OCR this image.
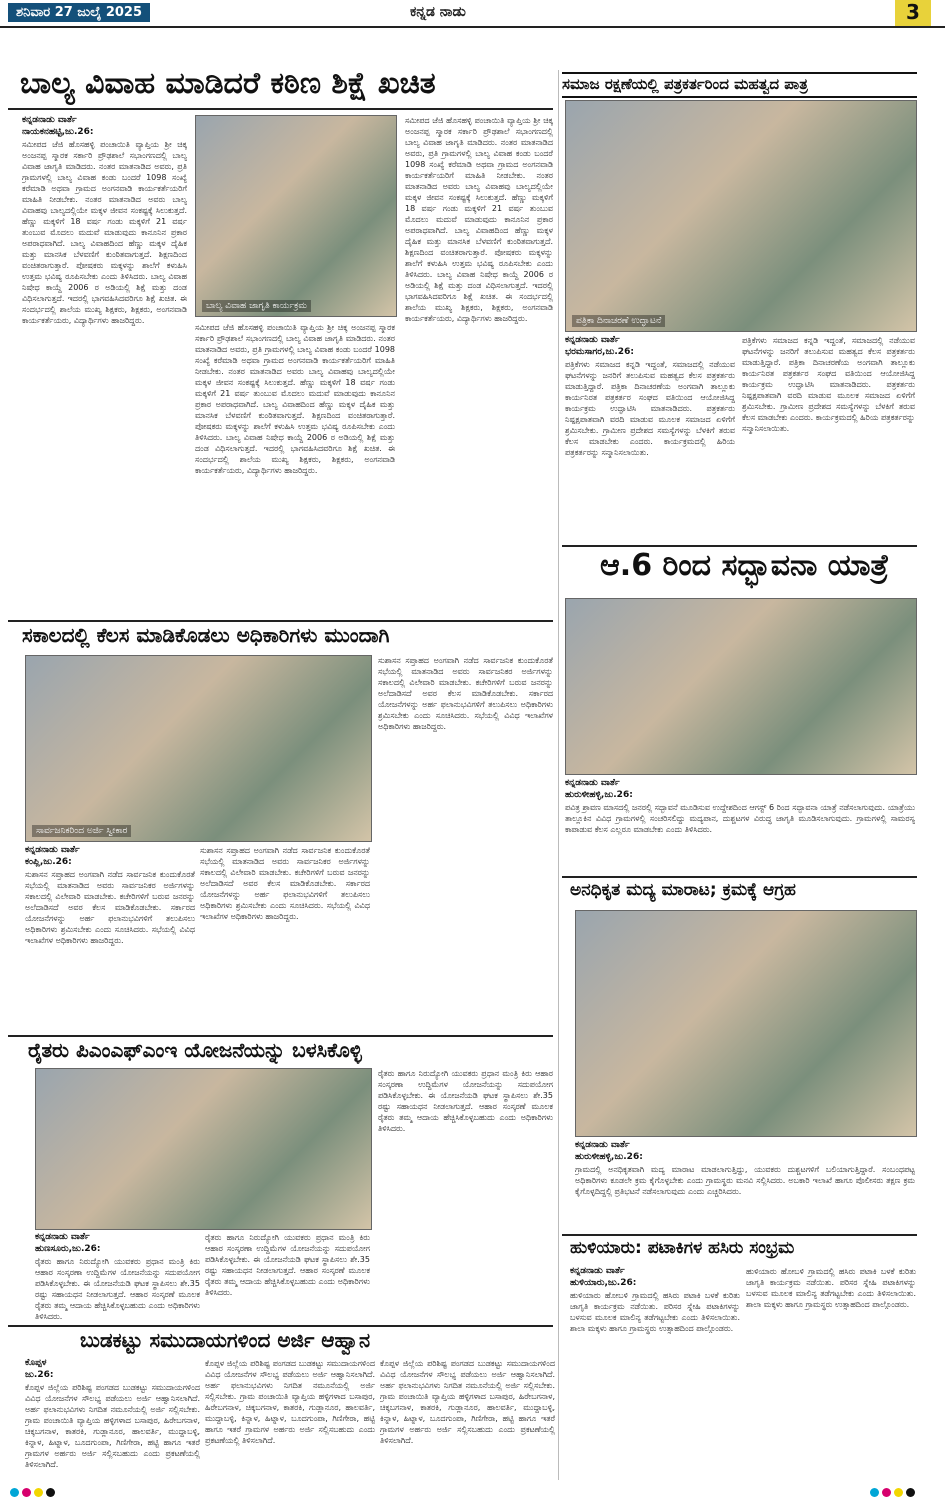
ಶನಿವಾರ 27 ಜುಲೈ 2025	ಕನ್ನಡ ನಾಡು	3
ಬಾಲ್ಯ ವಿವಾಹ ಮಾಡಿದರೆ ಕಠಿಣ ಶಿಕ್ಷೆ ಖಚಿತ
ಕನ್ನಡನಾಡು ವಾರ್ತೆ
ನಾಯಕನಹಟ್ಟಿ,ಜು.26:
ಸಮೀಪದ ಜೆಜಿ ಹೊಸಹಳ್ಳಿ ಪಂಚಾಯಿತಿ ವ್ಯಾಪ್ತಿಯ ಶ್ರೀ ಚಿಕ್ಕ ಅಂಜನಪ್ಪ ಸ್ಮಾರಕ ಸರ್ಕಾರಿ ಪ್ರೌಢಶಾಲೆ ಸಭಾಂಗಣದಲ್ಲಿ ಬಾಲ್ಯ ವಿವಾಹ ಜಾಗೃತಿ ಮಾಡಿದರು. ನಂತರ ಮಾತನಾಡಿದ ಅವರು, ಪ್ರತಿ ಗ್ರಾಮಗಳಲ್ಲಿ ಬಾಲ್ಯ ವಿವಾಹ ಕಂಡು ಬಂದರೆ 1098 ಸಂಖ್ಯೆ ಕರೆಮಾಡಿ ಅಥವಾ ಗ್ರಾಮದ ಅಂಗನವಾಡಿ ಕಾರ್ಯಕರ್ತೆಯರಿಗೆ ಮಾಹಿತಿ ನೀಡಬೇಕು. ನಂತರ ಮಾತನಾಡಿದ ಅವರು ಬಾಲ್ಯ ವಿವಾಹವು ಬಾಲ್ಯದಲ್ಲಿಯೇ ಮಕ್ಕಳ ಜೀವನ ಸಂಕಷ್ಟಕ್ಕೆ ಸಿಲುಕುತ್ತದೆ. ಹೆಣ್ಣು ಮಕ್ಕಳಿಗೆ 18 ವರ್ಷ ಗಂಡು ಮಕ್ಕಳಿಗೆ 21 ವರ್ಷ ತುಂಬುವ ಮೊದಲು ಮದುವೆ ಮಾಡುವುದು ಕಾನೂನಿನ ಪ್ರಕಾರ ಅಪರಾಧವಾಗಿದೆ. ಬಾಲ್ಯ ವಿವಾಹದಿಂದ ಹೆಣ್ಣು ಮಕ್ಕಳ ದೈಹಿಕ ಮತ್ತು ಮಾನಸಿಕ ಬೆಳವಣಿಗೆ ಕುಂಠಿತವಾಗುತ್ತದೆ. ಶಿಕ್ಷಣದಿಂದ ವಂಚಿತರಾಗುತ್ತಾರೆ. ಪೋಷಕರು ಮಕ್ಕಳನ್ನು ಶಾಲೆಗೆ ಕಳುಹಿಸಿ ಉತ್ತಮ ಭವಿಷ್ಯ ರೂಪಿಸಬೇಕು ಎಂದು ತಿಳಿಸಿದರು. ಬಾಲ್ಯ ವಿವಾಹ ನಿಷೇಧ ಕಾಯ್ದೆ 2006 ರ ಅಡಿಯಲ್ಲಿ ಶಿಕ್ಷೆ ಮತ್ತು ದಂಡ ವಿಧಿಸಲಾಗುತ್ತದೆ. ಇದರಲ್ಲಿ ಭಾಗವಹಿಸಿದವರಿಗೂ ಶಿಕ್ಷೆ ಖಚಿತ. ಈ ಸಂದರ್ಭದಲ್ಲಿ ಶಾಲೆಯ ಮುಖ್ಯ ಶಿಕ್ಷಕರು, ಶಿಕ್ಷಕರು, ಅಂಗನವಾಡಿ ಕಾರ್ಯಕರ್ತೆಯರು, ವಿದ್ಯಾರ್ಥಿಗಳು ಹಾಜರಿದ್ದರು.
ಬಾಲ್ಯ ವಿವಾಹ ಜಾಗೃತಿ ಕಾರ್ಯಕ್ರಮ
ಸಮೀಪದ ಜೆಜಿ ಹೊಸಹಳ್ಳಿ ಪಂಚಾಯಿತಿ ವ್ಯಾಪ್ತಿಯ ಶ್ರೀ ಚಿಕ್ಕ ಅಂಜನಪ್ಪ ಸ್ಮಾರಕ ಸರ್ಕಾರಿ ಪ್ರೌಢಶಾಲೆ ಸಭಾಂಗಣದಲ್ಲಿ ಬಾಲ್ಯ ವಿವಾಹ ಜಾಗೃತಿ ಮಾಡಿದರು. ನಂತರ ಮಾತನಾಡಿದ ಅವರು, ಪ್ರತಿ ಗ್ರಾಮಗಳಲ್ಲಿ ಬಾಲ್ಯ ವಿವಾಹ ಕಂಡು ಬಂದರೆ 1098 ಸಂಖ್ಯೆ ಕರೆಮಾಡಿ ಅಥವಾ ಗ್ರಾಮದ ಅಂಗನವಾಡಿ ಕಾರ್ಯಕರ್ತೆಯರಿಗೆ ಮಾಹಿತಿ ನೀಡಬೇಕು. ನಂತರ ಮಾತನಾಡಿದ ಅವರು ಬಾಲ್ಯ ವಿವಾಹವು ಬಾಲ್ಯದಲ್ಲಿಯೇ ಮಕ್ಕಳ ಜೀವನ ಸಂಕಷ್ಟಕ್ಕೆ ಸಿಲುಕುತ್ತದೆ. ಹೆಣ್ಣು ಮಕ್ಕಳಿಗೆ 18 ವರ್ಷ ಗಂಡು ಮಕ್ಕಳಿಗೆ 21 ವರ್ಷ ತುಂಬುವ ಮೊದಲು ಮದುವೆ ಮಾಡುವುದು ಕಾನೂನಿನ ಪ್ರಕಾರ ಅಪರಾಧವಾಗಿದೆ. ಬಾಲ್ಯ ವಿವಾಹದಿಂದ ಹೆಣ್ಣು ಮಕ್ಕಳ ದೈಹಿಕ ಮತ್ತು ಮಾನಸಿಕ ಬೆಳವಣಿಗೆ ಕುಂಠಿತವಾಗುತ್ತದೆ. ಶಿಕ್ಷಣದಿಂದ ವಂಚಿತರಾಗುತ್ತಾರೆ. ಪೋಷಕರು ಮಕ್ಕಳನ್ನು ಶಾಲೆಗೆ ಕಳುಹಿಸಿ ಉತ್ತಮ ಭವಿಷ್ಯ ರೂಪಿಸಬೇಕು ಎಂದು ತಿಳಿಸಿದರು. ಬಾಲ್ಯ ವಿವಾಹ ನಿಷೇಧ ಕಾಯ್ದೆ 2006 ರ ಅಡಿಯಲ್ಲಿ ಶಿಕ್ಷೆ ಮತ್ತು ದಂಡ ವಿಧಿಸಲಾಗುತ್ತದೆ. ಇದರಲ್ಲಿ ಭಾಗವಹಿಸಿದವರಿಗೂ ಶಿಕ್ಷೆ ಖಚಿತ. ಈ ಸಂದರ್ಭದಲ್ಲಿ ಶಾಲೆಯ ಮುಖ್ಯ ಶಿಕ್ಷಕರು, ಶಿಕ್ಷಕರು, ಅಂಗನವಾಡಿ ಕಾರ್ಯಕರ್ತೆಯರು, ವಿದ್ಯಾರ್ಥಿಗಳು ಹಾಜರಿದ್ದರು.
ಸಮೀಪದ ಜೆಜಿ ಹೊಸಹಳ್ಳಿ ಪಂಚಾಯಿತಿ ವ್ಯಾಪ್ತಿಯ ಶ್ರೀ ಚಿಕ್ಕ ಅಂಜನಪ್ಪ ಸ್ಮಾರಕ ಸರ್ಕಾರಿ ಪ್ರೌಢಶಾಲೆ ಸಭಾಂಗಣದಲ್ಲಿ ಬಾಲ್ಯ ವಿವಾಹ ಜಾಗೃತಿ ಮಾಡಿದರು. ನಂತರ ಮಾತನಾಡಿದ ಅವರು, ಪ್ರತಿ ಗ್ರಾಮಗಳಲ್ಲಿ ಬಾಲ್ಯ ವಿವಾಹ ಕಂಡು ಬಂದರೆ 1098 ಸಂಖ್ಯೆ ಕರೆಮಾಡಿ ಅಥವಾ ಗ್ರಾಮದ ಅಂಗನವಾಡಿ ಕಾರ್ಯಕರ್ತೆಯರಿಗೆ ಮಾಹಿತಿ ನೀಡಬೇಕು. ನಂತರ ಮಾತನಾಡಿದ ಅವರು ಬಾಲ್ಯ ವಿವಾಹವು ಬಾಲ್ಯದಲ್ಲಿಯೇ ಮಕ್ಕಳ ಜೀವನ ಸಂಕಷ್ಟಕ್ಕೆ ಸಿಲುಕುತ್ತದೆ. ಹೆಣ್ಣು ಮಕ್ಕಳಿಗೆ 18 ವರ್ಷ ಗಂಡು ಮಕ್ಕಳಿಗೆ 21 ವರ್ಷ ತುಂಬುವ ಮೊದಲು ಮದುವೆ ಮಾಡುವುದು ಕಾನೂನಿನ ಪ್ರಕಾರ ಅಪರಾಧವಾಗಿದೆ. ಬಾಲ್ಯ ವಿವಾಹದಿಂದ ಹೆಣ್ಣು ಮಕ್ಕಳ ದೈಹಿಕ ಮತ್ತು ಮಾನಸಿಕ ಬೆಳವಣಿಗೆ ಕುಂಠಿತವಾಗುತ್ತದೆ. ಶಿಕ್ಷಣದಿಂದ ವಂಚಿತರಾಗುತ್ತಾರೆ. ಪೋಷಕರು ಮಕ್ಕಳನ್ನು ಶಾಲೆಗೆ ಕಳುಹಿಸಿ ಉತ್ತಮ ಭವಿಷ್ಯ ರೂಪಿಸಬೇಕು ಎಂದು ತಿಳಿಸಿದರು. ಬಾಲ್ಯ ವಿವಾಹ ನಿಷೇಧ ಕಾಯ್ದೆ 2006 ರ ಅಡಿಯಲ್ಲಿ ಶಿಕ್ಷೆ ಮತ್ತು ದಂಡ ವಿಧಿಸಲಾಗುತ್ತದೆ. ಇದರಲ್ಲಿ ಭಾಗವಹಿಸಿದವರಿಗೂ ಶಿಕ್ಷೆ ಖಚಿತ. ಈ ಸಂದರ್ಭದಲ್ಲಿ ಶಾಲೆಯ ಮುಖ್ಯ ಶಿಕ್ಷಕರು, ಶಿಕ್ಷಕರು, ಅಂಗನವಾಡಿ ಕಾರ್ಯಕರ್ತೆಯರು, ವಿದ್ಯಾರ್ಥಿಗಳು ಹಾಜರಿದ್ದರು.
ಸಮಾಜ ರಕ್ಷಣೆಯಲ್ಲಿ ಪತ್ರಕರ್ತರಿಂದ ಮಹತ್ವದ ಪಾತ್ರ
ಪತ್ರಿಕಾ ದಿನಾಚರಣೆ ಉದ್ಘಾಟನೆ
ಕನ್ನಡನಾಡು ವಾರ್ತೆ
ಭರಮಸಾಗರ,ಜು.26:
ಪತ್ರಿಕೆಗಳು ಸಮಾಜದ ಕನ್ನಡಿ ಇದ್ದಂತೆ, ಸಮಾಜದಲ್ಲಿ ನಡೆಯುವ ಘಟನೆಗಳನ್ನು ಜನರಿಗೆ ತಲುಪಿಸುವ ಮಹತ್ವದ ಕೆಲಸ ಪತ್ರಕರ್ತರು ಮಾಡುತ್ತಿದ್ದಾರೆ. ಪತ್ರಿಕಾ ದಿನಾಚರಣೆಯ ಅಂಗವಾಗಿ ತಾಲ್ಲೂಕು ಕಾರ್ಯನಿರತ ಪತ್ರಕರ್ತರ ಸಂಘದ ವತಿಯಿಂದ ಆಯೋಜಿಸಿದ್ದ ಕಾರ್ಯಕ್ರಮ ಉದ್ಘಾಟಿಸಿ ಮಾತನಾಡಿದರು. ಪತ್ರಕರ್ತರು ನಿಷ್ಪಕ್ಷಪಾತವಾಗಿ ವರದಿ ಮಾಡುವ ಮೂಲಕ ಸಮಾಜದ ಏಳಿಗೆಗೆ ಶ್ರಮಿಸಬೇಕು. ಗ್ರಾಮೀಣ ಪ್ರದೇಶದ ಸಮಸ್ಯೆಗಳನ್ನು ಬೆಳಕಿಗೆ ತರುವ ಕೆಲಸ ಮಾಡಬೇಕು ಎಂದರು. ಕಾರ್ಯಕ್ರಮದಲ್ಲಿ ಹಿರಿಯ ಪತ್ರಕರ್ತರನ್ನು ಸನ್ಮಾನಿಸಲಾಯಿತು.
ಪತ್ರಿಕೆಗಳು ಸಮಾಜದ ಕನ್ನಡಿ ಇದ್ದಂತೆ, ಸಮಾಜದಲ್ಲಿ ನಡೆಯುವ ಘಟನೆಗಳನ್ನು ಜನರಿಗೆ ತಲುಪಿಸುವ ಮಹತ್ವದ ಕೆಲಸ ಪತ್ರಕರ್ತರು ಮಾಡುತ್ತಿದ್ದಾರೆ. ಪತ್ರಿಕಾ ದಿನಾಚರಣೆಯ ಅಂಗವಾಗಿ ತಾಲ್ಲೂಕು ಕಾರ್ಯನಿರತ ಪತ್ರಕರ್ತರ ಸಂಘದ ವತಿಯಿಂದ ಆಯೋಜಿಸಿದ್ದ ಕಾರ್ಯಕ್ರಮ ಉದ್ಘಾಟಿಸಿ ಮಾತನಾಡಿದರು. ಪತ್ರಕರ್ತರು ನಿಷ್ಪಕ್ಷಪಾತವಾಗಿ ವರದಿ ಮಾಡುವ ಮೂಲಕ ಸಮಾಜದ ಏಳಿಗೆಗೆ ಶ್ರಮಿಸಬೇಕು. ಗ್ರಾಮೀಣ ಪ್ರದೇಶದ ಸಮಸ್ಯೆಗಳನ್ನು ಬೆಳಕಿಗೆ ತರುವ ಕೆಲಸ ಮಾಡಬೇಕು ಎಂದರು. ಕಾರ್ಯಕ್ರಮದಲ್ಲಿ ಹಿರಿಯ ಪತ್ರಕರ್ತರನ್ನು ಸನ್ಮಾನಿಸಲಾಯಿತು.
ಆ.6 ರಿಂದ ಸದ್ಭಾವನಾ ಯಾತ್ರೆ
ಕನ್ನಡನಾಡು ವಾರ್ತೆ
ಹುರುಳೀಹಳ್ಳಿ,ಜು.26:
ಪವಿತ್ರ ಶ್ರಾವಣ ಮಾಸದಲ್ಲಿ ಜನರಲ್ಲಿ ಸದ್ಭಾವನೆ ಮೂಡಿಸುವ ಉದ್ದೇಶದಿಂದ ಆಗಸ್ಟ್ 6 ರಿಂದ ಸದ್ಭಾವನಾ ಯಾತ್ರೆ ನಡೆಸಲಾಗುವುದು. ಯಾತ್ರೆಯು ತಾಲ್ಲೂಕಿನ ವಿವಿಧ ಗ್ರಾಮಗಳಲ್ಲಿ ಸಂಚರಿಸಲಿದ್ದು ಮದ್ಯಪಾನ, ದುಶ್ಚಟಗಳ ವಿರುದ್ಧ ಜಾಗೃತಿ ಮೂಡಿಸಲಾಗುವುದು. ಗ್ರಾಮಗಳಲ್ಲಿ ಸಾಮರಸ್ಯ ಕಾಪಾಡುವ ಕೆಲಸ ಎಲ್ಲರೂ ಮಾಡಬೇಕು ಎಂದು ತಿಳಿಸಿದರು.
ಸಕಾಲದಲ್ಲಿ ಕೆಲಸ ಮಾಡಿಕೊಡಲು ಅಧಿಕಾರಿಗಳು ಮುಂದಾಗಿ
ಸಾರ್ವಜನಿಕರಿಂದ ಅರ್ಜಿ ಸ್ವೀಕಾರ
ಸುಶಾಸನ ಸಪ್ತಾಹದ ಅಂಗವಾಗಿ ನಡೆದ ಸಾರ್ವಜನಿಕ ಕುಂದುಕೊರತೆ ಸಭೆಯಲ್ಲಿ ಮಾತನಾಡಿದ ಅವರು ಸಾರ್ವಜನಿಕರ ಅರ್ಜಿಗಳನ್ನು ಸಕಾಲದಲ್ಲಿ ವಿಲೇವಾರಿ ಮಾಡಬೇಕು. ಕಚೇರಿಗಳಿಗೆ ಬರುವ ಜನರನ್ನು ಅಲೆದಾಡಿಸದೆ ಅವರ ಕೆಲಸ ಮಾಡಿಕೊಡಬೇಕು. ಸರ್ಕಾರದ ಯೋಜನೆಗಳನ್ನು ಅರ್ಹ ಫಲಾನುಭವಿಗಳಿಗೆ ತಲುಪಿಸಲು ಅಧಿಕಾರಿಗಳು ಶ್ರಮಿಸಬೇಕು ಎಂದು ಸೂಚಿಸಿದರು. ಸಭೆಯಲ್ಲಿ ವಿವಿಧ ಇಲಾಖೆಗಳ ಅಧಿಕಾರಿಗಳು ಹಾಜರಿದ್ದರು.
ಕನ್ನಡನಾಡು ವಾರ್ತೆ
ಕಂಪ್ಲಿ,ಜು.26:
ಸುಶಾಸನ ಸಪ್ತಾಹದ ಅಂಗವಾಗಿ ನಡೆದ ಸಾರ್ವಜನಿಕ ಕುಂದುಕೊರತೆ ಸಭೆಯಲ್ಲಿ ಮಾತನಾಡಿದ ಅವರು ಸಾರ್ವಜನಿಕರ ಅರ್ಜಿಗಳನ್ನು ಸಕಾಲದಲ್ಲಿ ವಿಲೇವಾರಿ ಮಾಡಬೇಕು. ಕಚೇರಿಗಳಿಗೆ ಬರುವ ಜನರನ್ನು ಅಲೆದಾಡಿಸದೆ ಅವರ ಕೆಲಸ ಮಾಡಿಕೊಡಬೇಕು. ಸರ್ಕಾರದ ಯೋಜನೆಗಳನ್ನು ಅರ್ಹ ಫಲಾನುಭವಿಗಳಿಗೆ ತಲುಪಿಸಲು ಅಧಿಕಾರಿಗಳು ಶ್ರಮಿಸಬೇಕು ಎಂದು ಸೂಚಿಸಿದರು. ಸಭೆಯಲ್ಲಿ ವಿವಿಧ ಇಲಾಖೆಗಳ ಅಧಿಕಾರಿಗಳು ಹಾಜರಿದ್ದರು.
ಸುಶಾಸನ ಸಪ್ತಾಹದ ಅಂಗವಾಗಿ ನಡೆದ ಸಾರ್ವಜನಿಕ ಕುಂದುಕೊರತೆ ಸಭೆಯಲ್ಲಿ ಮಾತನಾಡಿದ ಅವರು ಸಾರ್ವಜನಿಕರ ಅರ್ಜಿಗಳನ್ನು ಸಕಾಲದಲ್ಲಿ ವಿಲೇವಾರಿ ಮಾಡಬೇಕು. ಕಚೇರಿಗಳಿಗೆ ಬರುವ ಜನರನ್ನು ಅಲೆದಾಡಿಸದೆ ಅವರ ಕೆಲಸ ಮಾಡಿಕೊಡಬೇಕು. ಸರ್ಕಾರದ ಯೋಜನೆಗಳನ್ನು ಅರ್ಹ ಫಲಾನುಭವಿಗಳಿಗೆ ತಲುಪಿಸಲು ಅಧಿಕಾರಿಗಳು ಶ್ರಮಿಸಬೇಕು ಎಂದು ಸೂಚಿಸಿದರು. ಸಭೆಯಲ್ಲಿ ವಿವಿಧ ಇಲಾಖೆಗಳ ಅಧಿಕಾರಿಗಳು ಹಾಜರಿದ್ದರು.
ಅನಧಿಕೃತ ಮದ್ಯ ಮಾರಾಟ; ಕ್ರಮಕ್ಕೆ ಆಗ್ರಹ
ಕನ್ನಡನಾಡು ವಾರ್ತೆ
ಹುರುಳೀಹಳ್ಳಿ,ಜು.26:
ಗ್ರಾಮದಲ್ಲಿ ಅನಧಿಕೃತವಾಗಿ ಮದ್ಯ ಮಾರಾಟ ಮಾಡಲಾಗುತ್ತಿದ್ದು, ಯುವಕರು ದುಶ್ಚಟಗಳಿಗೆ ಬಲಿಯಾಗುತ್ತಿದ್ದಾರೆ. ಸಂಬಂಧಪಟ್ಟ ಅಧಿಕಾರಿಗಳು ಕೂಡಲೇ ಕ್ರಮ ಕೈಗೊಳ್ಳಬೇಕು ಎಂದು ಗ್ರಾಮಸ್ಥರು ಮನವಿ ಸಲ್ಲಿಸಿದರು. ಅಬಕಾರಿ ಇಲಾಖೆ ಹಾಗೂ ಪೊಲೀಸರು ತಕ್ಷಣ ಕ್ರಮ ಕೈಗೊಳ್ಳದಿದ್ದಲ್ಲಿ ಪ್ರತಿಭಟನೆ ನಡೆಸಲಾಗುವುದು ಎಂದು ಎಚ್ಚರಿಸಿದರು.
ರೈತರು ಪಿಎಂಎಫ್ಎಂಇ ಯೋಜನೆಯನ್ನು ಬಳಸಿಕೊಳ್ಳಿ
ರೈತರು ಹಾಗೂ ನಿರುದ್ಯೋಗಿ ಯುವಕರು ಪ್ರಧಾನ ಮಂತ್ರಿ ಕಿರು ಆಹಾರ ಸಂಸ್ಕರಣಾ ಉದ್ದಿಮೆಗಳ ಯೋಜನೆಯನ್ನು ಸದುಪಯೋಗ ಪಡಿಸಿಕೊಳ್ಳಬೇಕು. ಈ ಯೋಜನೆಯಡಿ ಘಟಕ ಸ್ಥಾಪಿಸಲು ಶೇ.35 ರಷ್ಟು ಸಹಾಯಧನ ನೀಡಲಾಗುತ್ತದೆ. ಆಹಾರ ಸಂಸ್ಕರಣೆ ಮೂಲಕ ರೈತರು ತಮ್ಮ ಆದಾಯ ಹೆಚ್ಚಿಸಿಕೊಳ್ಳಬಹುದು ಎಂದು ಅಧಿಕಾರಿಗಳು ತಿಳಿಸಿದರು.
ಕನ್ನಡನಾಡು ವಾರ್ತೆ
ಹುಣಸೂರು,ಜು.26:
ರೈತರು ಹಾಗೂ ನಿರುದ್ಯೋಗಿ ಯುವಕರು ಪ್ರಧಾನ ಮಂತ್ರಿ ಕಿರು ಆಹಾರ ಸಂಸ್ಕರಣಾ ಉದ್ದಿಮೆಗಳ ಯೋಜನೆಯನ್ನು ಸದುಪಯೋಗ ಪಡಿಸಿಕೊಳ್ಳಬೇಕು. ಈ ಯೋಜನೆಯಡಿ ಘಟಕ ಸ್ಥಾಪಿಸಲು ಶೇ.35 ರಷ್ಟು ಸಹಾಯಧನ ನೀಡಲಾಗುತ್ತದೆ. ಆಹಾರ ಸಂಸ್ಕರಣೆ ಮೂಲಕ ರೈತರು ತಮ್ಮ ಆದಾಯ ಹೆಚ್ಚಿಸಿಕೊಳ್ಳಬಹುದು ಎಂದು ಅಧಿಕಾರಿಗಳು ತಿಳಿಸಿದರು.
ರೈತರು ಹಾಗೂ ನಿರುದ್ಯೋಗಿ ಯುವಕರು ಪ್ರಧಾನ ಮಂತ್ರಿ ಕಿರು ಆಹಾರ ಸಂಸ್ಕರಣಾ ಉದ್ದಿಮೆಗಳ ಯೋಜನೆಯನ್ನು ಸದುಪಯೋಗ ಪಡಿಸಿಕೊಳ್ಳಬೇಕು. ಈ ಯೋಜನೆಯಡಿ ಘಟಕ ಸ್ಥಾಪಿಸಲು ಶೇ.35 ರಷ್ಟು ಸಹಾಯಧನ ನೀಡಲಾಗುತ್ತದೆ. ಆಹಾರ ಸಂಸ್ಕರಣೆ ಮೂಲಕ ರೈತರು ತಮ್ಮ ಆದಾಯ ಹೆಚ್ಚಿಸಿಕೊಳ್ಳಬಹುದು ಎಂದು ಅಧಿಕಾರಿಗಳು ತಿಳಿಸಿದರು.
ಹುಳಿಯಾರು: ಪಟಾಕಿಗಳ ಹಸಿರು ಸಂಭ್ರಮ
ಕನ್ನಡನಾಡು ವಾರ್ತೆ
ಹುಳಿಯಾರು,ಜು.26:
ಹುಳಿಯಾರು ಹೋಬಳಿ ಗ್ರಾಮದಲ್ಲಿ ಹಸಿರು ಪಟಾಕಿ ಬಳಕೆ ಕುರಿತು ಜಾಗೃತಿ ಕಾರ್ಯಕ್ರಮ ನಡೆಯಿತು. ಪರಿಸರ ಸ್ನೇಹಿ ಪಟಾಕಿಗಳನ್ನು ಬಳಸುವ ಮೂಲಕ ಮಾಲಿನ್ಯ ತಡೆಗಟ್ಟಬೇಕು ಎಂದು ತಿಳಿಸಲಾಯಿತು. ಶಾಲಾ ಮಕ್ಕಳು ಹಾಗೂ ಗ್ರಾಮಸ್ಥರು ಉತ್ಸಾಹದಿಂದ ಪಾಲ್ಗೊಂಡರು.
ಹುಳಿಯಾರು ಹೋಬಳಿ ಗ್ರಾಮದಲ್ಲಿ ಹಸಿರು ಪಟಾಕಿ ಬಳಕೆ ಕುರಿತು ಜಾಗೃತಿ ಕಾರ್ಯಕ್ರಮ ನಡೆಯಿತು. ಪರಿಸರ ಸ್ನೇಹಿ ಪಟಾಕಿಗಳನ್ನು ಬಳಸುವ ಮೂಲಕ ಮಾಲಿನ್ಯ ತಡೆಗಟ್ಟಬೇಕು ಎಂದು ತಿಳಿಸಲಾಯಿತು. ಶಾಲಾ ಮಕ್ಕಳು ಹಾಗೂ ಗ್ರಾಮಸ್ಥರು ಉತ್ಸಾಹದಿಂದ ಪಾಲ್ಗೊಂಡರು.
ಬುಡಕಟ್ಟು ಸಮುದಾಯಗಳಿಂದ ಅರ್ಜಿ ಆಹ್ವಾನ
ಕೊಪ್ಪಳ
ಜು.26:
ಕೊಪ್ಪಳ ಜಿಲ್ಲೆಯ ಪರಿಶಿಷ್ಟ ಪಂಗಡದ ಬುಡಕಟ್ಟು ಸಮುದಾಯಗಳಿಂದ ವಿವಿಧ ಯೋಜನೆಗಳ ಸೌಲಭ್ಯ ಪಡೆಯಲು ಅರ್ಜಿ ಆಹ್ವಾನಿಸಲಾಗಿದೆ. ಅರ್ಹ ಫಲಾನುಭವಿಗಳು ನಿಗದಿತ ನಮೂನೆಯಲ್ಲಿ ಅರ್ಜಿ ಸಲ್ಲಿಸಬೇಕು. ಗ್ರಾಮ ಪಂಚಾಯಿತಿ ವ್ಯಾಪ್ತಿಯ ಹಳ್ಳಿಗಳಾದ ಬಸಾಪುರ, ಹಿರೇಬಗನಾಳ, ಚಿಕ್ಕಬಗನಾಳ, ಕಾತರಕಿ, ಗುಡ್ಲಾನೂರ, ಹಾಲವರ್ತಿ, ಮುದ್ದಾಬಳ್ಳಿ, ಕಿನ್ನಾಳ, ಹಿಟ್ನಾಳ, ಬೂದಗುಂಪಾ, ಗಿಣಿಗೇರಾ, ಹಟ್ಟಿ ಹಾಗೂ ಇತರೆ ಗ್ರಾಮಗಳ ಅರ್ಹರು ಅರ್ಜಿ ಸಲ್ಲಿಸಬಹುದು ಎಂದು ಪ್ರಕಟಣೆಯಲ್ಲಿ ತಿಳಿಸಲಾಗಿದೆ.
ಕೊಪ್ಪಳ ಜಿಲ್ಲೆಯ ಪರಿಶಿಷ್ಟ ಪಂಗಡದ ಬುಡಕಟ್ಟು ಸಮುದಾಯಗಳಿಂದ ವಿವಿಧ ಯೋಜನೆಗಳ ಸೌಲಭ್ಯ ಪಡೆಯಲು ಅರ್ಜಿ ಆಹ್ವಾನಿಸಲಾಗಿದೆ. ಅರ್ಹ ಫಲಾನುಭವಿಗಳು ನಿಗದಿತ ನಮೂನೆಯಲ್ಲಿ ಅರ್ಜಿ ಸಲ್ಲಿಸಬೇಕು. ಗ್ರಾಮ ಪಂಚಾಯಿತಿ ವ್ಯಾಪ್ತಿಯ ಹಳ್ಳಿಗಳಾದ ಬಸಾಪುರ, ಹಿರೇಬಗನಾಳ, ಚಿಕ್ಕಬಗನಾಳ, ಕಾತರಕಿ, ಗುಡ್ಲಾನೂರ, ಹಾಲವರ್ತಿ, ಮುದ್ದಾಬಳ್ಳಿ, ಕಿನ್ನಾಳ, ಹಿಟ್ನಾಳ, ಬೂದಗುಂಪಾ, ಗಿಣಿಗೇರಾ, ಹಟ್ಟಿ ಹಾಗೂ ಇತರೆ ಗ್ರಾಮಗಳ ಅರ್ಹರು ಅರ್ಜಿ ಸಲ್ಲಿಸಬಹುದು ಎಂದು ಪ್ರಕಟಣೆಯಲ್ಲಿ ತಿಳಿಸಲಾಗಿದೆ.
ಕೊಪ್ಪಳ ಜಿಲ್ಲೆಯ ಪರಿಶಿಷ್ಟ ಪಂಗಡದ ಬುಡಕಟ್ಟು ಸಮುದಾಯಗಳಿಂದ ವಿವಿಧ ಯೋಜನೆಗಳ ಸೌಲಭ್ಯ ಪಡೆಯಲು ಅರ್ಜಿ ಆಹ್ವಾನಿಸಲಾಗಿದೆ. ಅರ್ಹ ಫಲಾನುಭವಿಗಳು ನಿಗದಿತ ನಮೂನೆಯಲ್ಲಿ ಅರ್ಜಿ ಸಲ್ಲಿಸಬೇಕು. ಗ್ರಾಮ ಪಂಚಾಯಿತಿ ವ್ಯಾಪ್ತಿಯ ಹಳ್ಳಿಗಳಾದ ಬಸಾಪುರ, ಹಿರೇಬಗನಾಳ, ಚಿಕ್ಕಬಗನಾಳ, ಕಾತರಕಿ, ಗುಡ್ಲಾನೂರ, ಹಾಲವರ್ತಿ, ಮುದ್ದಾಬಳ್ಳಿ, ಕಿನ್ನಾಳ, ಹಿಟ್ನಾಳ, ಬೂದಗುಂಪಾ, ಗಿಣಿಗೇರಾ, ಹಟ್ಟಿ ಹಾಗೂ ಇತರೆ ಗ್ರಾಮಗಳ ಅರ್ಹರು ಅರ್ಜಿ ಸಲ್ಲಿಸಬಹುದು ಎಂದು ಪ್ರಕಟಣೆಯಲ್ಲಿ ತಿಳಿಸಲಾಗಿದೆ.
